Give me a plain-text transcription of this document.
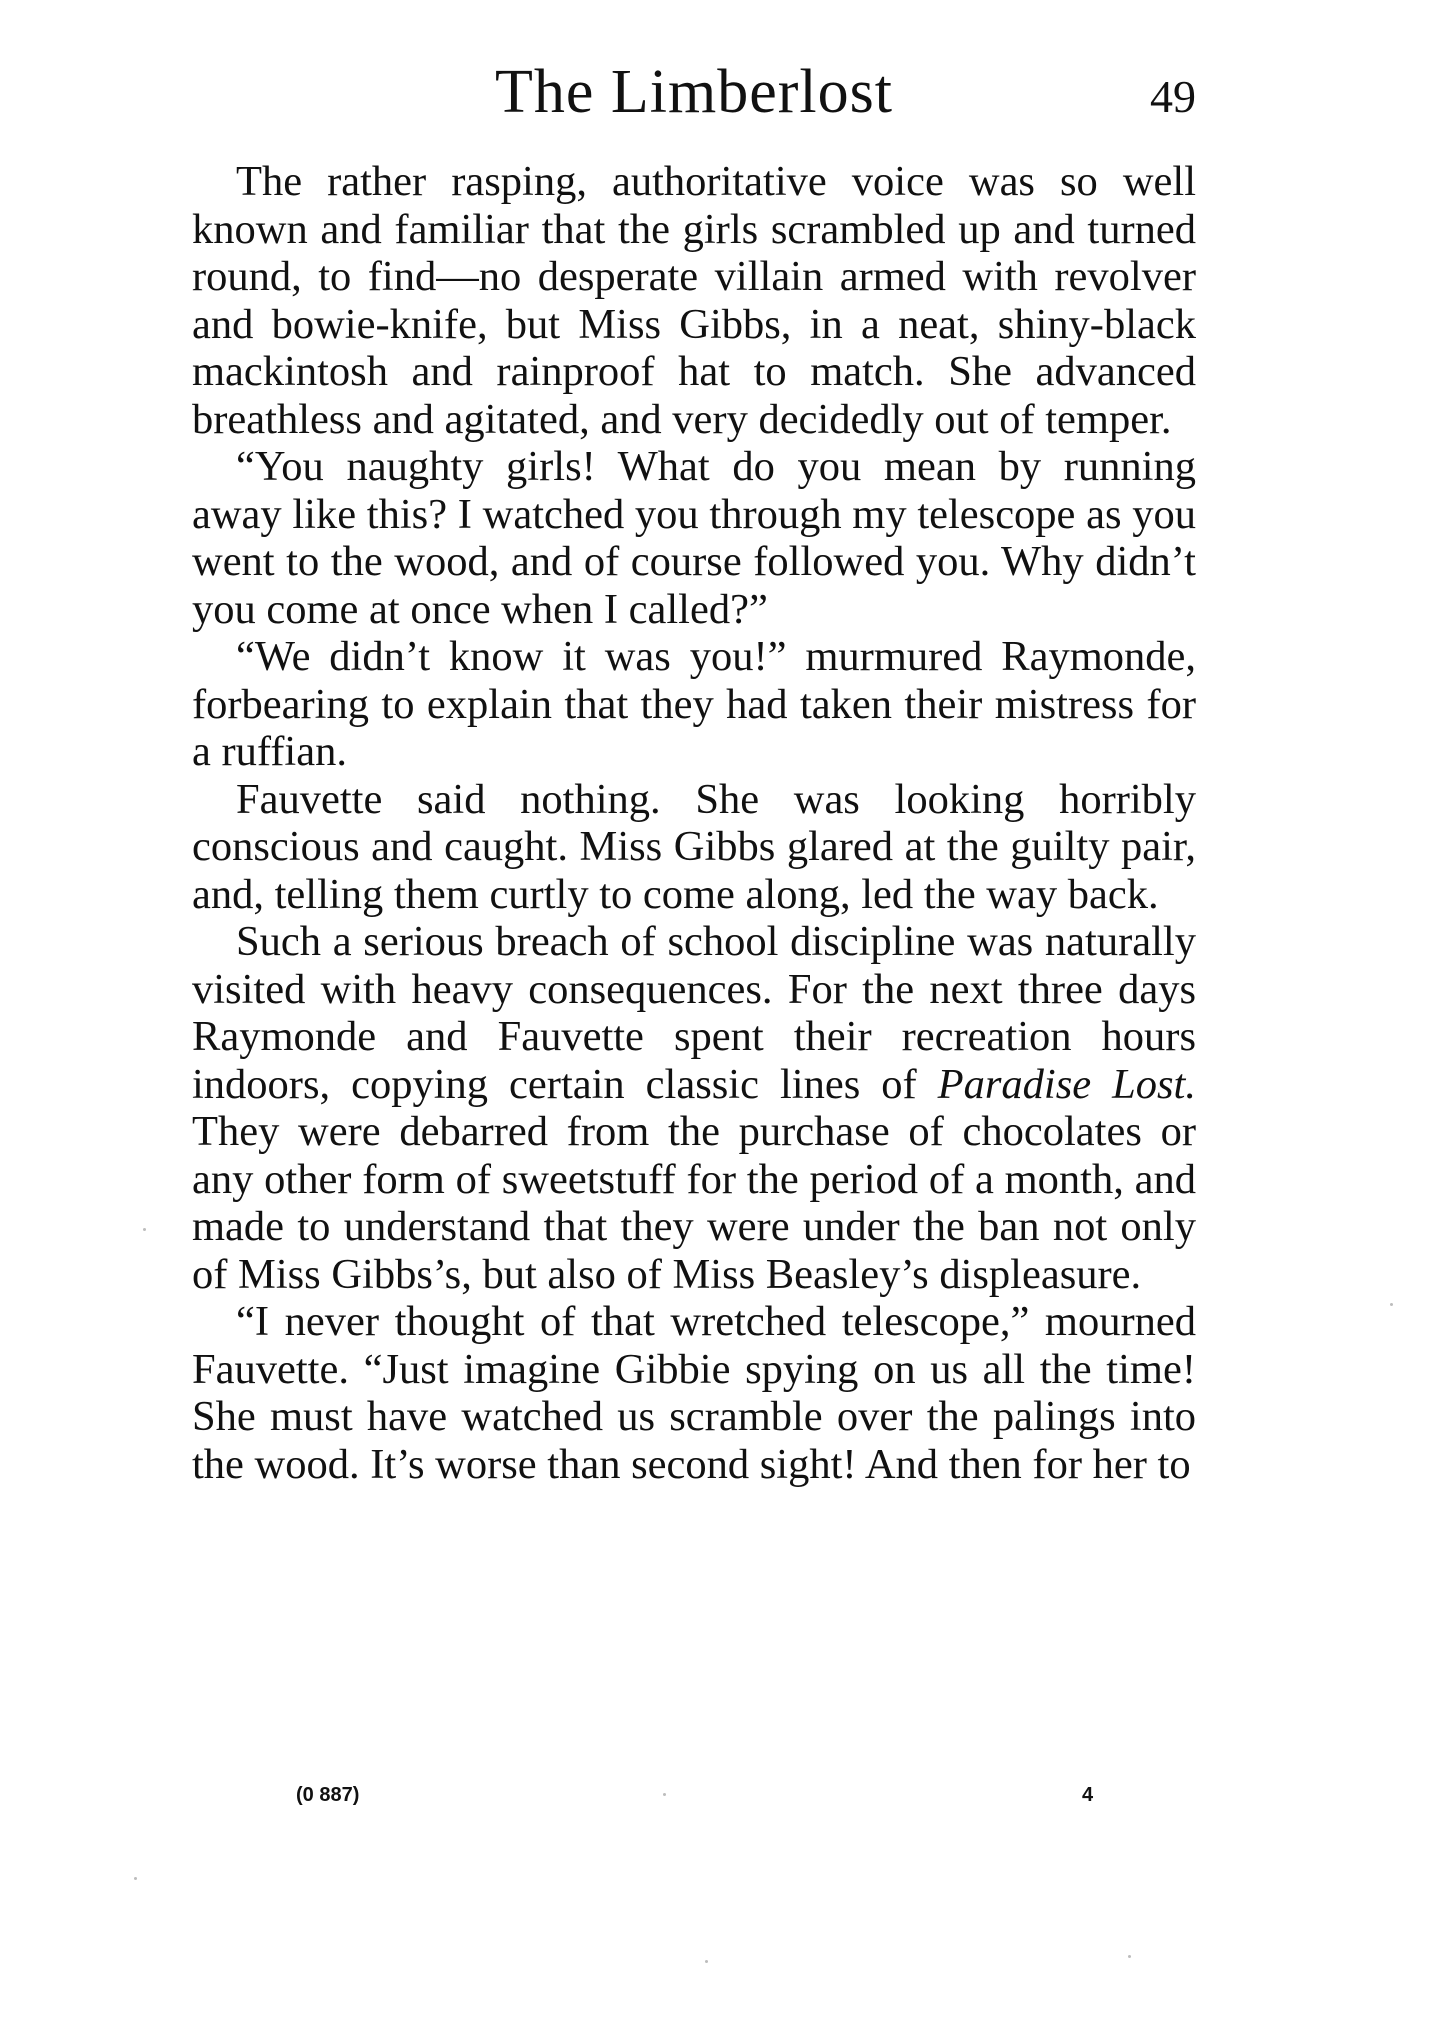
The Limberlost	49

The rather rasping, authoritative voice was so well known and familiar that the girls scrambled up and turned round, to find—no desperate villain armed with revolver and bowie-knife, but Miss Gibbs, in a neat, shiny-black mackintosh and rainproof hat to match. She advanced breathless and agitated, and very decidedly out of temper.

“You naughty girls! What do you mean by running away like this? I watched you through my telescope as you went to the wood, and of course followed you. Why didn’t you come at once when I called?”

“We didn’t know it was you!” murmured Raymonde, forbearing to explain that they had taken their mistress for a ruffian.

Fauvette said nothing. She was looking horribly conscious and caught. Miss Gibbs glared at the guilty pair, and, telling them curtly to come along, led the way back.

Such a serious breach of school discipline was naturally visited with heavy consequences. For the next three days Raymonde and Fauvette spent their recreation hours indoors, copying certain classic lines of Paradise Lost. They were debarred from the purchase of chocolates or any other form of sweetstuff for the period of a month, and made to understand that they were under the ban not only of Miss Gibbs’s, but also of Miss Beasley’s displeasure.

“I never thought of that wretched telescope,” mourned Fauvette. “Just imagine Gibbie spying on us all the time! She must have watched us scramble over the palings into the wood. It’s worse than second sight! And then for her to

(0 887)	4
